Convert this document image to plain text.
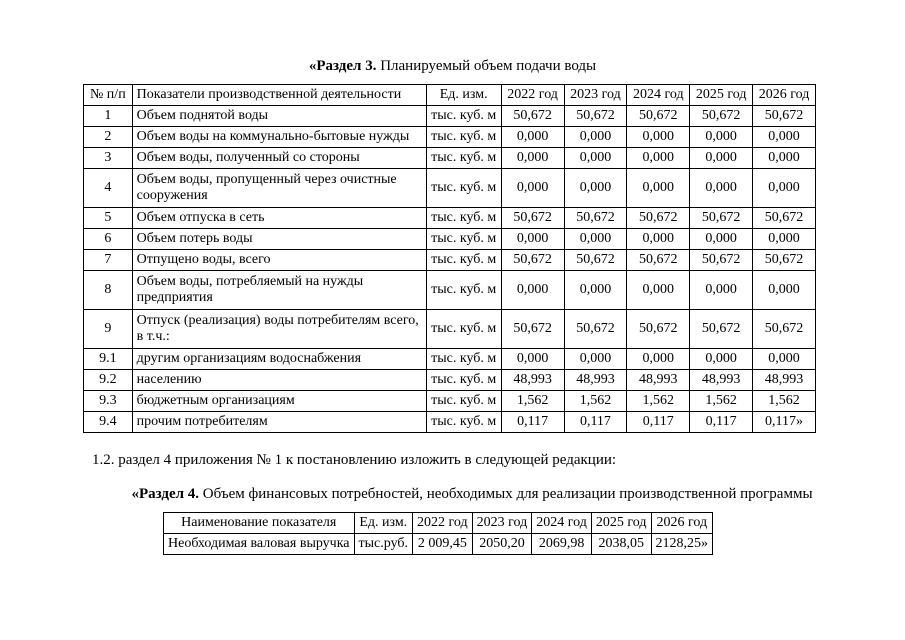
«Раздел 3. Планируемый объем подачи воды
№ п/п	Показатели производственной деятельности	Ед. изм.	2022 год	2023 год	2024 год	2025 год	2026 год
1	Объем поднятой воды	тыс. куб. м	50,672	50,672	50,672	50,672	50,672
2	Объем воды на коммунально-бытовые нужды	тыс. куб. м	0,000	0,000	0,000	0,000	0,000
3	Объем воды, полученный со стороны	тыс. куб. м	0,000	0,000	0,000	0,000	0,000
4	Объем воды, пропущенный через очистные сооружения	тыс. куб. м	0,000	0,000	0,000	0,000	0,000
5	Объем отпуска в сеть	тыс. куб. м	50,672	50,672	50,672	50,672	50,672
6	Объем потерь воды	тыс. куб. м	0,000	0,000	0,000	0,000	0,000
7	Отпущено воды, всего	тыс. куб. м	50,672	50,672	50,672	50,672	50,672
8	Объем воды, потребляемый на нужды предприятия	тыс. куб. м	0,000	0,000	0,000	0,000	0,000
9	Отпуск (реализация) воды потребителям всего, в т.ч.:	тыс. куб. м	50,672	50,672	50,672	50,672	50,672
9.1	другим организациям водоснабжения	тыс. куб. м	0,000	0,000	0,000	0,000	0,000
9.2	населению	тыс. куб. м	48,993	48,993	48,993	48,993	48,993
9.3	бюджетным организациям	тыс. куб. м	1,562	1,562	1,562	1,562	1,562
9.4	прочим потребителям	тыс. куб. м	0,117	0,117	0,117	0,117	0,117»
1.2. раздел 4 приложения № 1 к постановлению изложить в следующей редакции:
«Раздел 4. Объем финансовых потребностей, необходимых для реализации производственной программы
Наименование показателя	Ед. изм.	2022 год	2023 год	2024 год	2025 год	2026 год
Необходимая валовая выручка	тыс.руб.	2 009,45	2050,20	2069,98	2038,05	2128,25»
